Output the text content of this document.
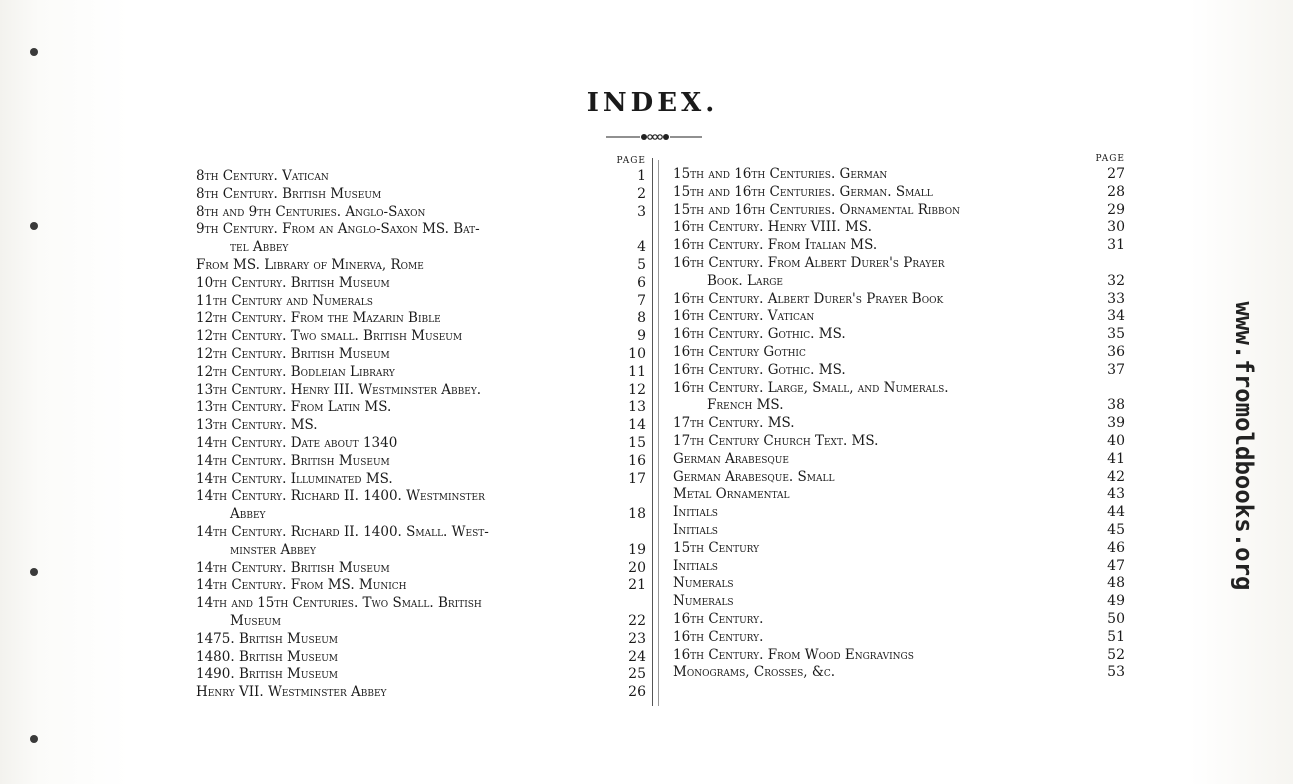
INDEX.
PAGE
8th Century. Vatican	1
8th Century. British Museum	2
8th and 9th Centuries. Anglo-Saxon	3
9th Century. From an Anglo-Saxon MS. Bat-
tel Abbey	4
From MS. Library of Minerva, Rome	5
10th Century. British Museum	6
11th Century and Numerals	7
12th Century. From the Mazarin Bible	8
12th Century. Two small. British Museum	9
12th Century. British Museum	10
12th Century. Bodleian Library	11
13th Century. Henry III. Westminster Abbey.	12
13th Century. From Latin MS.	13
13th Century. MS.	14
14th Century. Date about 1340	15
14th Century. British Museum	16
14th Century. Illuminated MS.	17
14th Century. Richard II. 1400. Westminster
Abbey	18
14th Century. Richard II. 1400. Small. West-
minster Abbey	19
14th Century. British Museum	20
14th Century. From MS. Munich	21
14th and 15th Centuries. Two Small. British
Museum	22
1475. British Museum	23
1480. British Museum	24
1490. British Museum	25
Henry VII. Westminster Abbey	26
PAGE
15th and 16th Centuries. German	27
15th and 16th Centuries. German. Small	28
15th and 16th Centuries. Ornamental Ribbon	29
16th Century. Henry VIII. MS.	30
16th Century. From Italian MS.	31
16th Century. From Albert Durer's Prayer
Book. Large	32
16th Century. Albert Durer's Prayer Book	33
16th Century. Vatican	34
16th Century. Gothic. MS.	35
16th Century Gothic	36
16th Century. Gothic. MS.	37
16th Century. Large, Small, and Numerals.
French MS.	38
17th Century. MS.	39
17th Century Church Text. MS.	40
German Arabesque	41
German Arabesque. Small	42
Metal Ornamental	43
Initials	44
Initials	45
15th Century	46
Initials	47
Numerals	48
Numerals	49
16th Century.	50
16th Century.	51
16th Century. From Wood Engravings	52
Monograms, Crosses, &c.	53
www.fromoldbooks.org
